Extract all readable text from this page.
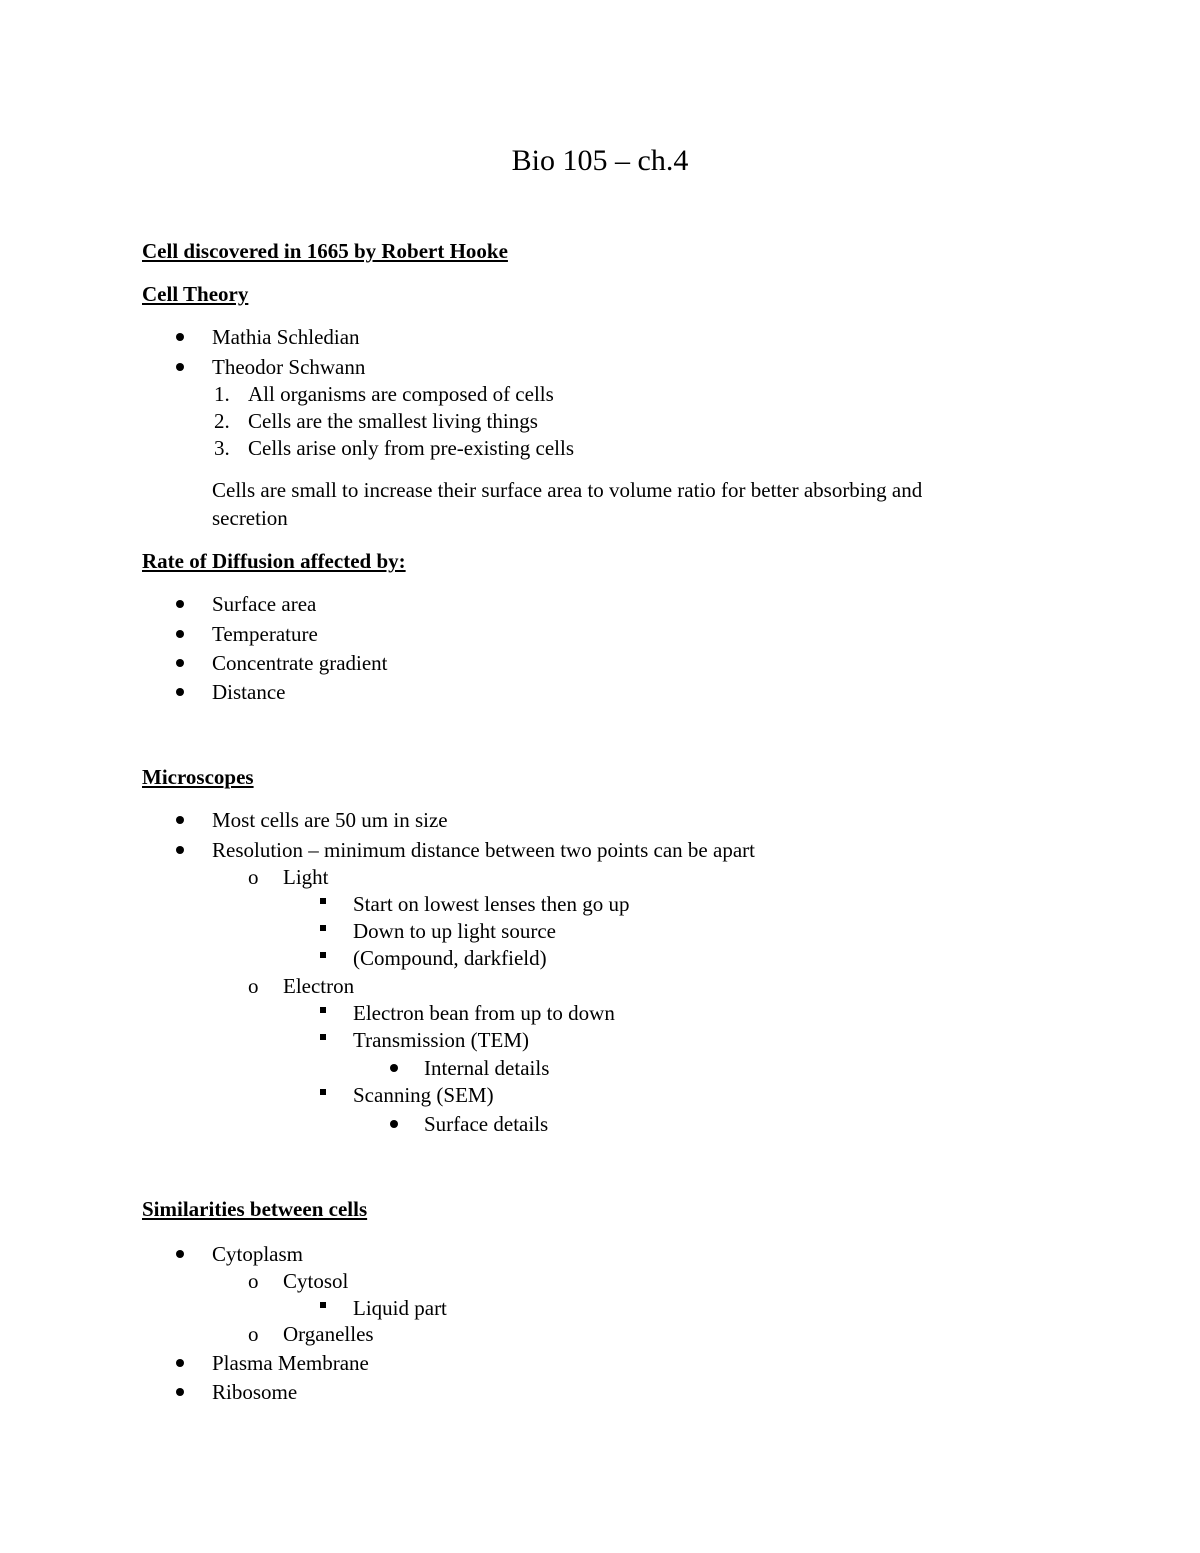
Bio 105 – ch.4
Cell discovered in 1665 by Robert Hooke
Cell Theory
Mathia Schledian
Theodor Schwann
1. All organisms are composed of cells
2. Cells are the smallest living things
3. Cells arise only from pre-existing cells
Cells are small to increase their surface area to volume ratio for better absorbing and
secretion
Rate of Diffusion affected by:
Surface area
Temperature
Concentrate gradient
Distance
Microscopes
Most cells are 50 um in size
Resolution – minimum distance between two points can be apart
o Light
Start on lowest lenses then go up
Down to up light source
(Compound, darkfield)
o Electron
Electron bean from up to down
Transmission (TEM)
Internal details
Scanning (SEM)
Surface details
Similarities between cells
Cytoplasm
o Cytosol
Liquid part
o Organelles
Plasma Membrane
Ribosome
